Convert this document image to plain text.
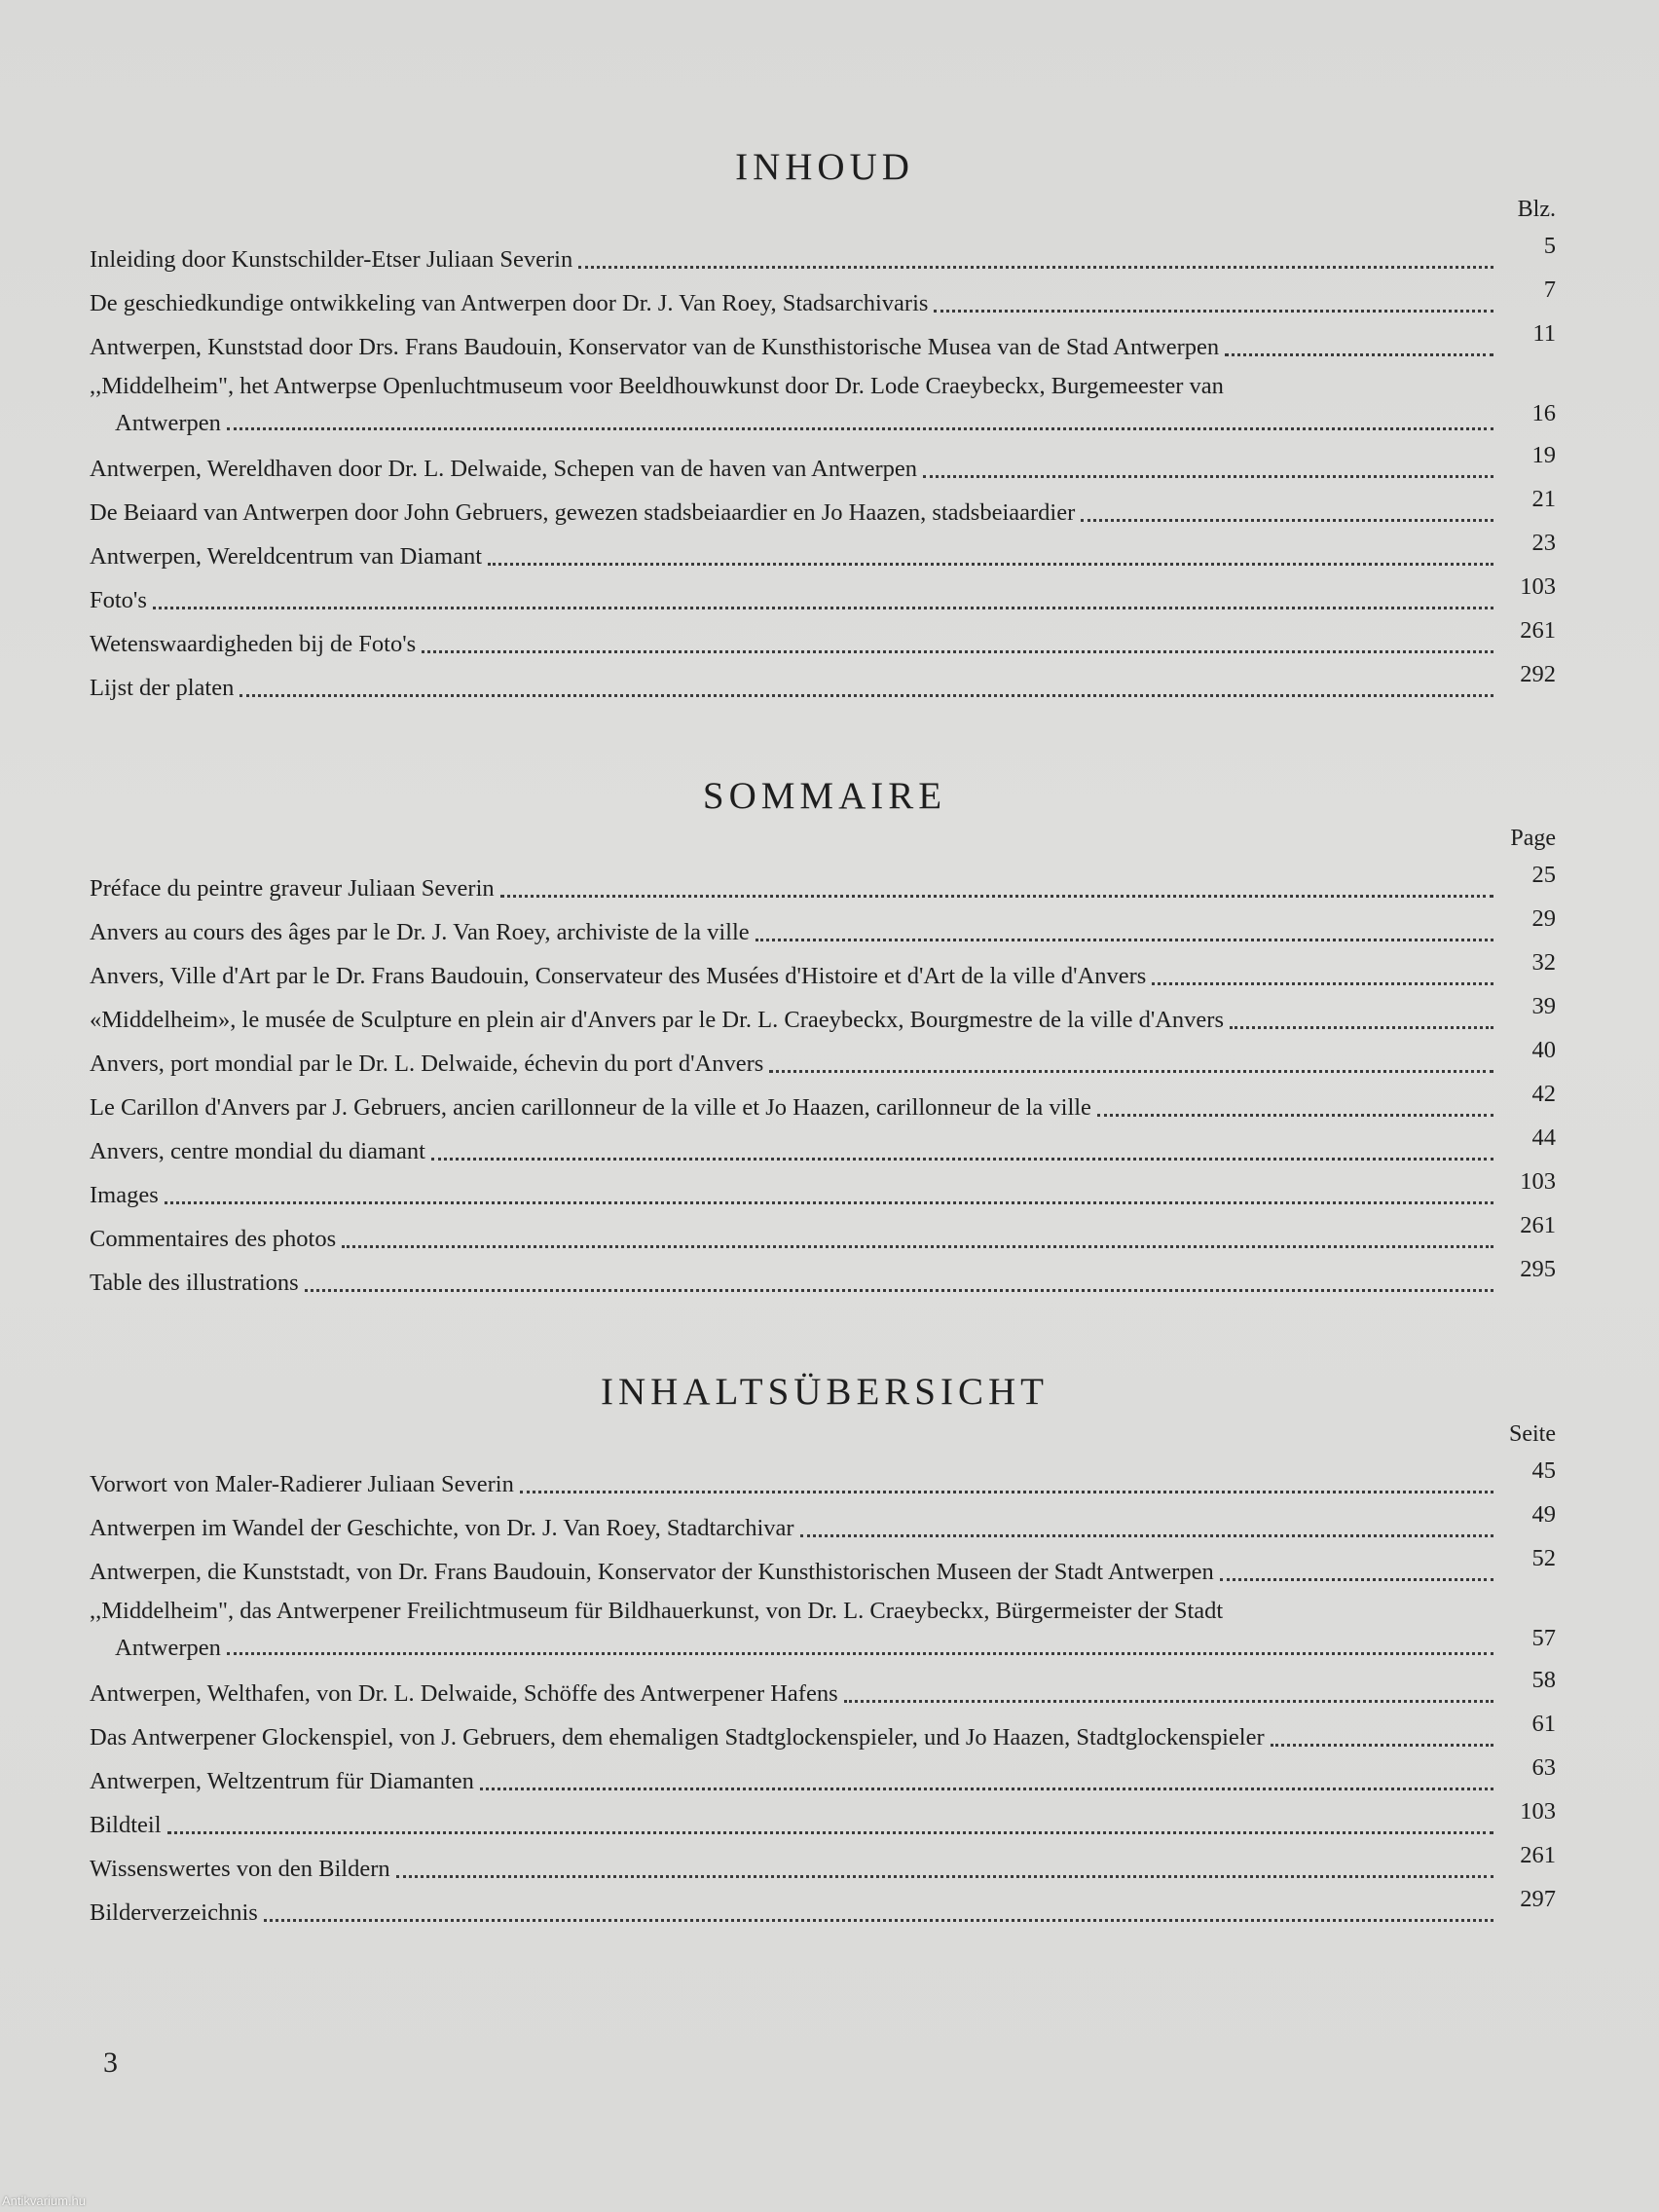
INHOUD
Blz.
Inleiding door Kunstschilder-Etser Juliaan Severin
5
De geschiedkundige ontwikkeling van Antwerpen door Dr. J. Van Roey, Stadsarchivaris
7
Antwerpen, Kunststad door Drs. Frans Baudouin, Konservator van de Kunsthistorische Musea van de Stad Antwerpen
11
,,Middelheim", het Antwerpse Openluchtmuseum voor Beeldhouwkunst door Dr. Lode Craeybeckx, Burgemeester van
Antwerpen	16
Antwerpen, Wereldhaven door Dr. L. Delwaide, Schepen van de haven van Antwerpen
19
De Beiaard van Antwerpen door John Gebruers, gewezen stadsbeiaardier en Jo Haazen, stadsbeiaardier
21
Antwerpen, Wereldcentrum van Diamant
23
Foto's
103
Wetenswaardigheden bij de Foto's
261
Lijst der platen
292
SOMMAIRE
Page
Préface du peintre graveur Juliaan Severin
25
Anvers au cours des âges par le Dr. J. Van Roey, archiviste de la ville
29
Anvers, Ville d'Art par le Dr. Frans Baudouin, Conservateur des Musées d'Histoire et d'Art de la ville d'Anvers
32
«Middelheim», le musée de Sculpture en plein air d'Anvers par le Dr. L. Craeybeckx, Bourgmestre de la ville d'Anvers
39
Anvers, port mondial par le Dr. L. Delwaide, échevin du port d'Anvers
40
Le Carillon d'Anvers par J. Gebruers, ancien carillonneur de la ville et Jo Haazen, carillonneur de la ville
42
Anvers, centre mondial du diamant
44
Images
103
Commentaires des photos
261
Table des illustrations
295
INHALTSÜBERSICHT
Seite
Vorwort von Maler-Radierer Juliaan Severin
45
Antwerpen im Wandel der Geschichte, von Dr. J. Van Roey, Stadtarchivar
49
Antwerpen, die Kunststadt, von Dr. Frans Baudouin, Konservator der Kunsthistorischen Museen der Stadt Antwerpen
52
,,Middelheim", das Antwerpener Freilichtmuseum für Bildhauerkunst, von Dr. L. Craeybeckx, Bürgermeister der Stadt
Antwerpen	57
Antwerpen, Welthafen, von Dr. L. Delwaide, Schöffe des Antwerpener Hafens
58
Das Antwerpener Glockenspiel, von J. Gebruers, dem ehemaligen Stadtglockenspieler, und Jo Haazen, Stadtglockenspieler
61
Antwerpen, Weltzentrum für Diamanten
63
Bildteil
103
Wissenswertes von den Bildern
261
Bilderverzeichnis
297
3
Antikvarium.hu
